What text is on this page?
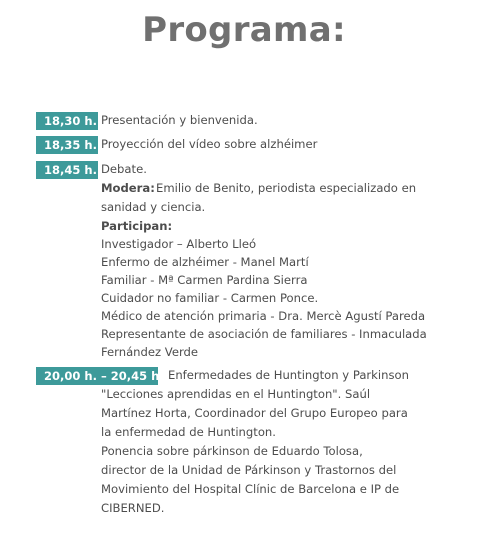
Programa:
18,30 h. Presentación y bienvenida.
18,35 h. Proyección del vídeo sobre alzhéimer
18,45 h. Debate.
Modera: Emilio de Benito, periodista especializado en
sanidad y ciencia.
Participan:
Investigador – Alberto Lleó
Enfermo de alzhéimer - Manel Martí
Familiar - Mª Carmen Pardina Sierra
Cuidador no familiar - Carmen Ponce.
Médico de atención primaria - Dra. Mercè Agustí Pareda
Representante de asociación de familiares - Inmaculada
Fernández Verde
20,00 h. – 20,45 h. Enfermedades de Huntington y Parkinson
"Lecciones aprendidas en el Huntington". Saúl
Martínez Horta, Coordinador del Grupo Europeo para
la enfermedad de Huntington.
Ponencia sobre párkinson de Eduardo Tolosa,
director de la Unidad de Párkinson y Trastornos del
Movimiento del Hospital Clínic de Barcelona e IP de
CIBERNED.
